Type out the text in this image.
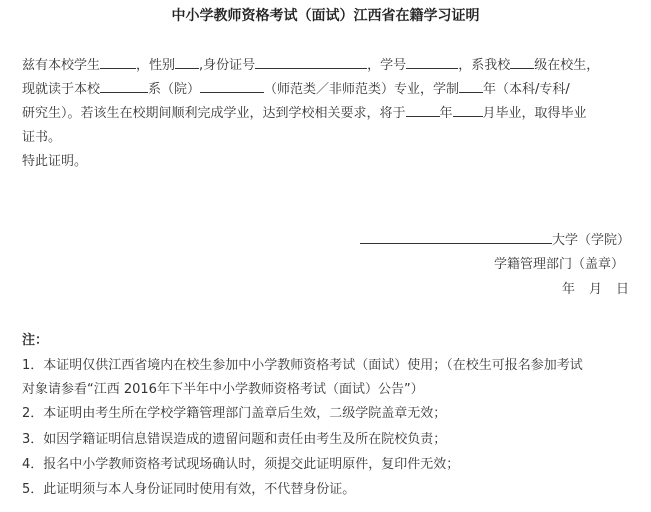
中小学教师资格考试（面试）江西省在籍学习证明
兹有本校学生	，性别 ,身份证号	，学号	，系我校 级在校生，
现就读于本校	系（院）	（师范类／非师范类）专业，学制 年（本科/专科/
研究生）。若该生在校期间顺利完成学业，达到学校相关要求，将于	年 月毕业，取得毕业
证书。
特此证明。
大学（学院）
学籍管理部门（盖章）
年 月 日
注：
1．本证明仅供江西省境内在校生参加中小学教师资格考试（面试）使用；（在校生可报名参加考试
对象请参看“江西 2016年下半年中小学教师资格考试（面试）公告”）
2．本证明由考生所在学校学籍管理部门盖章后生效，二级学院盖章无效；
3．如因学籍证明信息错误造成的遗留问题和责任由考生及所在院校负责；
4．报名中小学教师资格考试现场确认时，须提交此证明原件，复印件无效；
5．此证明须与本人身份证同时使用有效，不代替身份证。
